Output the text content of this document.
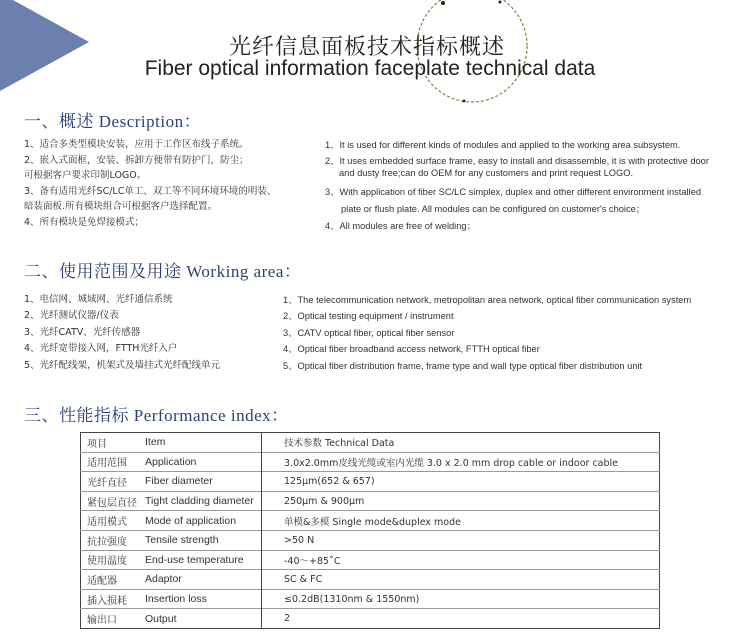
光纤信息面板技术指标概述
Fiber optical information faceplate technical data
一、概述 Description：
1、适合多类型模块安装，应用于工作区布线子系统。
2、嵌入式面框，安装、拆卸方便带有防护门，防尘；
可根据客户要求印制LOGO。
3、备有适用光纤SC/LC单工、双工等不同环境环境的明装、
暗装面板.所有模块组合可根据客户选择配置。
4、所有模块是免焊接模式；
1、It is used for different kinds of modules and applied to the working area subsystem.
2、It uses embedded surface frame, easy to install and disassemble, it is with protective door
and dusty free;can do OEM for any customers and print request LOGO.
3、With application of fiber SC/LC simplex, duplex and other different environment installed
plate or flush plate. All modules can be configured on customer's choice；
4、All modules are free of welding；
二、使用范围及用途 Working area：
1、电信网、城域网、光纤通信系统
2、光纤测试仪器/仪表
3、光纤CATV、光纤传感器
4、光纤宽带接入网，FTTH光纤入户
5、光纤配线架，机架式及墙挂式光纤配线单元
1、The telecommunication network, metropolitan area network, optical fiber communication system
2、Optical testing equipment / instrument
3、CATV optical fiber, optical fiber sensor
4、Optical fiber broadband access network, FTTH optical fiber
5、Optical fiber distribution frame, frame type and wall type optical fiber distribution unit
三、性能指标 Performance index：
项目	Item	技术参数 Technical Data
适用范围	Application	3.0x2.0mm皮线光缆或室内光缆 3.0 x 2.0 mm drop cable or indoor cable
光纤直径	Fiber diameter	125μm(652 & 657)
紧包层直径	Tight cladding diameter	250μm & 900μm
适用模式	Mode of application	单模&多模 Single mode&duplex mode
抗拉强度	Tensile strength	>50 N
使用温度	End-use temperature	-40～+85˚C
适配器	Adaptor	SC & FC
插入损耗	Insertion loss	≤0.2dB(1310nm & 1550nm)
输出口	Output	2
